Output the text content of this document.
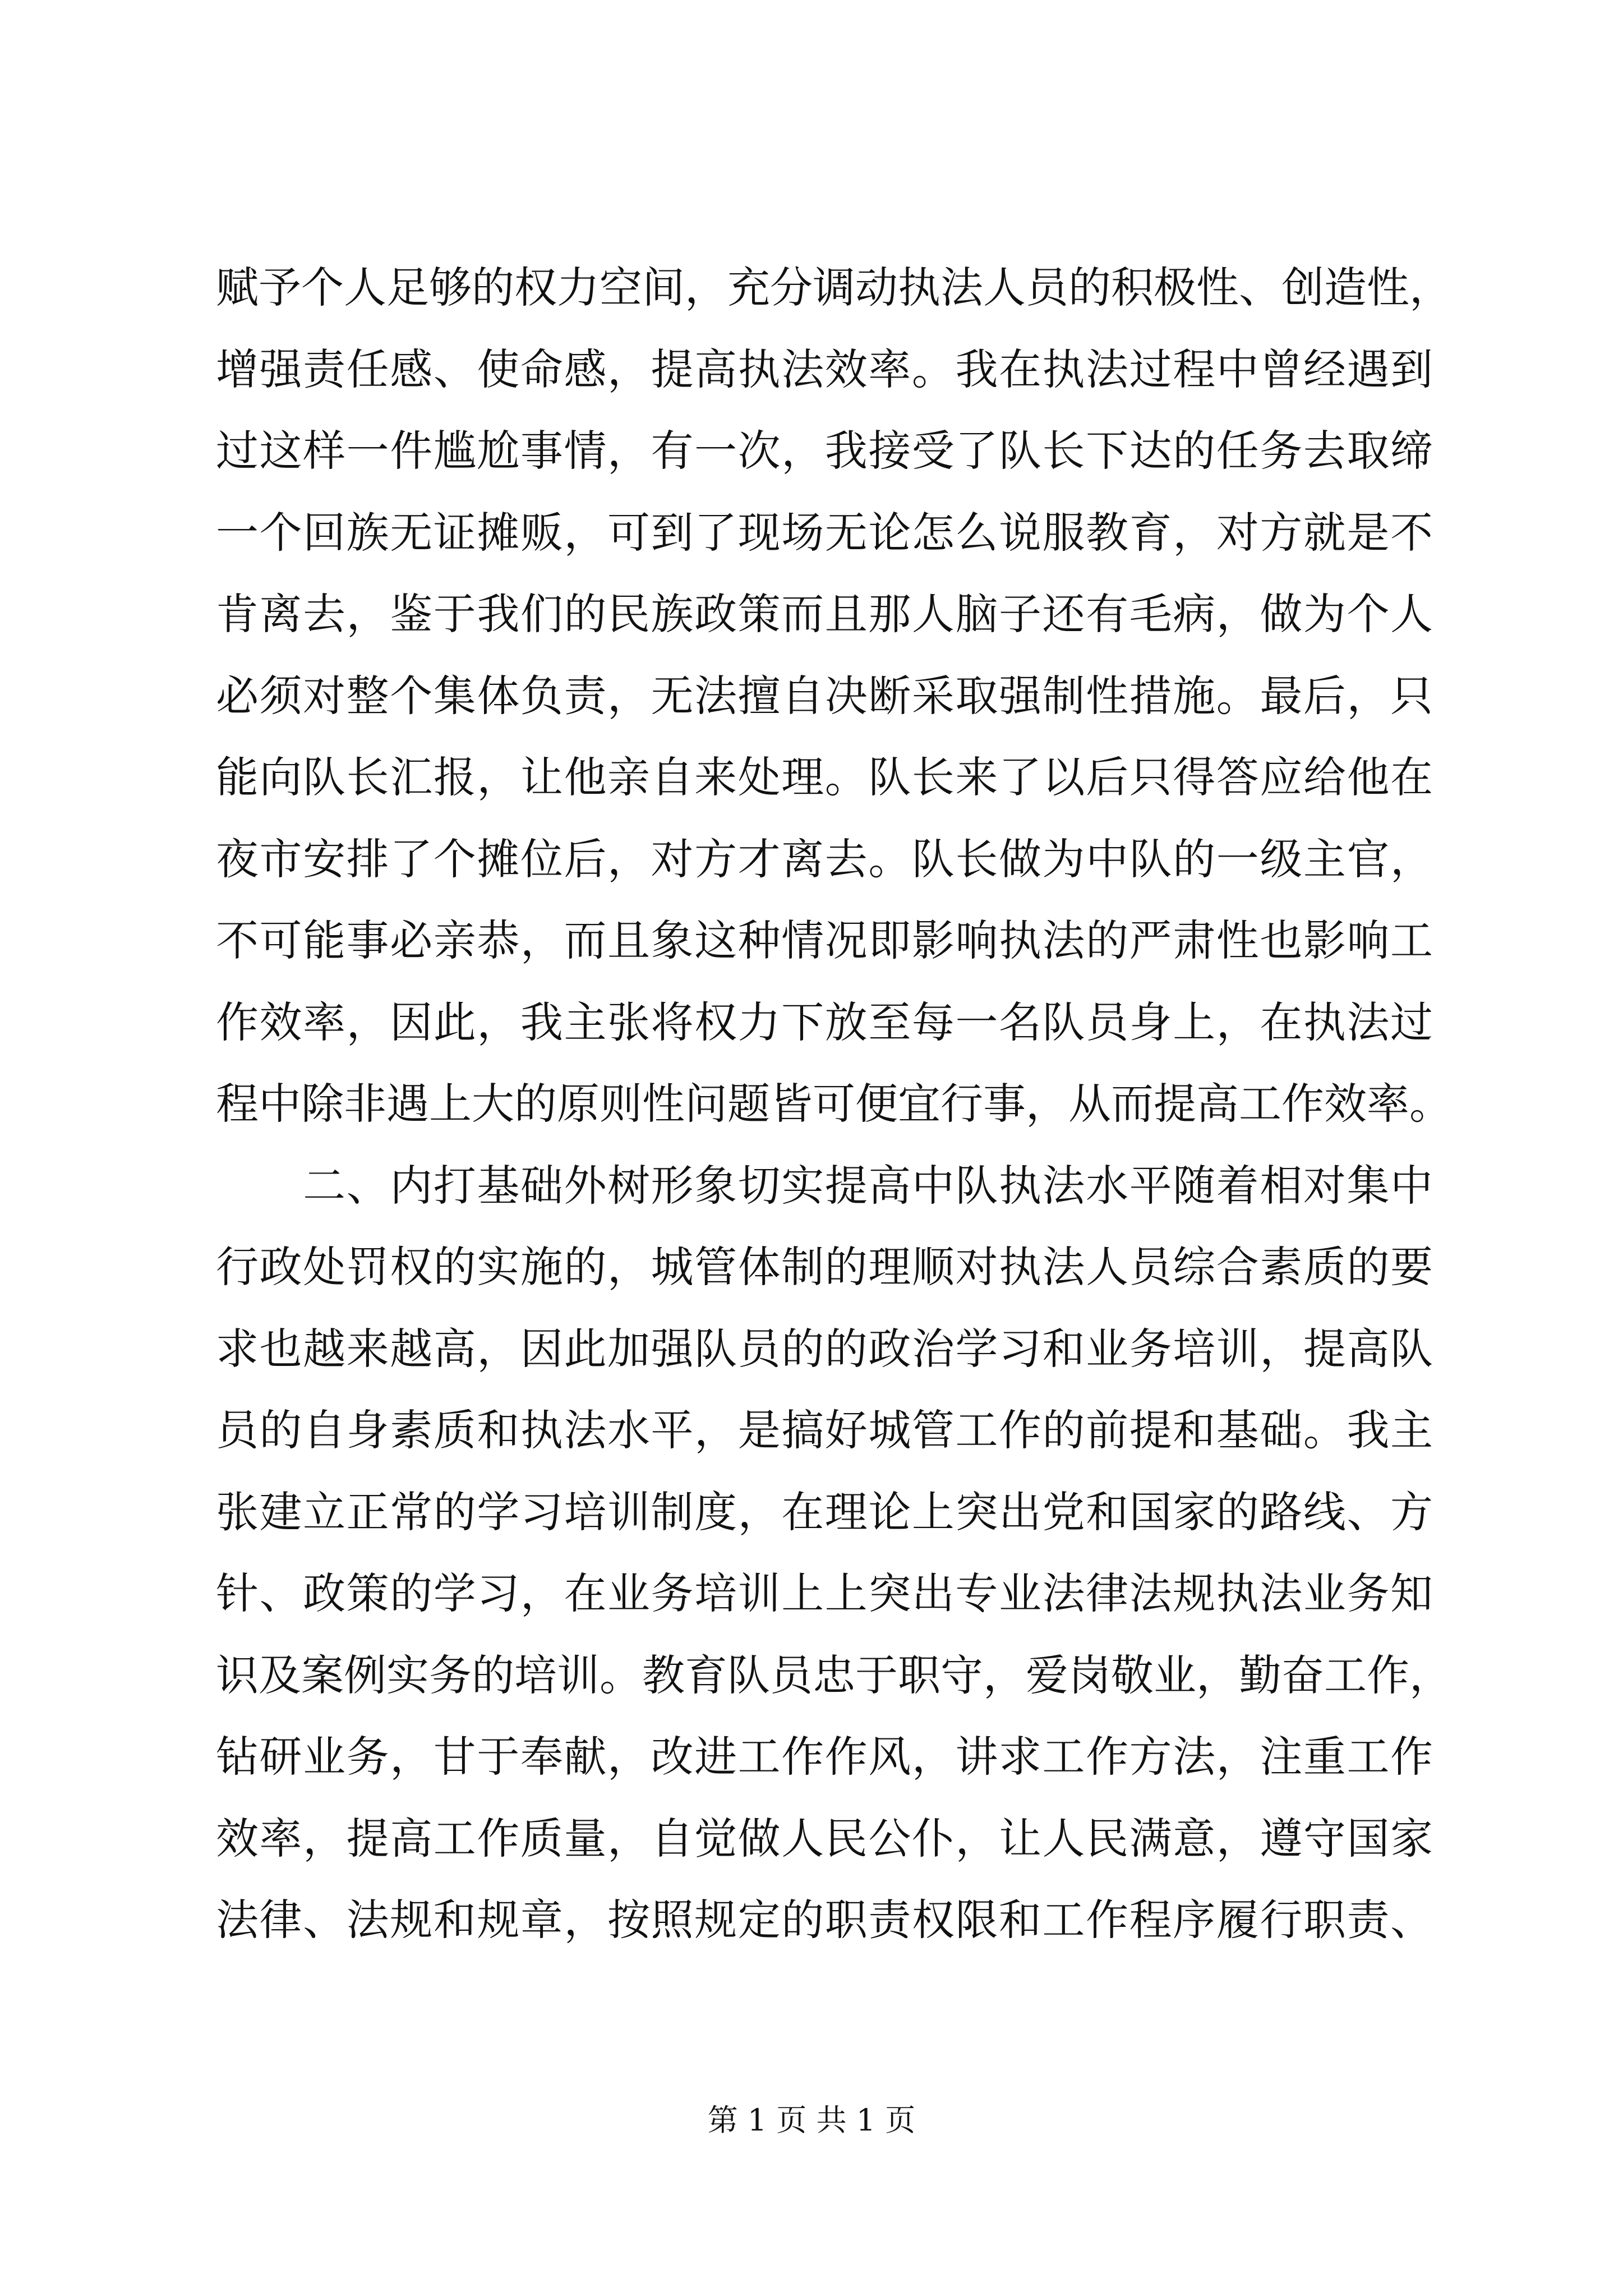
赋予个人足够的权力空间，充分调动执法人员的积极性、创造性，
增强责任感、使命感，提高执法效率。我在执法过程中曾经遇到
过这样一件尴尬事情，有一次，我接受了队长下达的任务去取缔
一个回族无证摊贩，可到了现场无论怎么说服教育，对方就是不
肯离去，鉴于我们的民族政策而且那人脑子还有毛病，做为个人
必须对整个集体负责，无法擅自决断采取强制性措施。最后，只
能向队长汇报，让他亲自来处理。队长来了以后只得答应给他在
夜市安排了个摊位后，对方才离去。队长做为中队的一级主官，
不可能事必亲恭，而且象这种情况即影响执法的严肃性也影响工
作效率，因此，我主张将权力下放至每一名队员身上，在执法过
程中除非遇上大的原则性问题皆可便宜行事，从而提高工作效率。
　　二、内打基础外树形象切实提高中队执法水平随着相对集中
行政处罚权的实施的，城管体制的理顺对执法人员综合素质的要
求也越来越高，因此加强队员的的政治学习和业务培训，提高队
员的自身素质和执法水平，是搞好城管工作的前提和基础。我主
张建立正常的学习培训制度，在理论上突出党和国家的路线、方
针、政策的学习，在业务培训上上突出专业法律法规执法业务知
识及案例实务的培训。教育队员忠于职守，爱岗敬业，勤奋工作，
钻研业务，甘于奉献，改进工作作风，讲求工作方法，注重工作
效率，提高工作质量，自觉做人民公仆，让人民满意，遵守国家
法律、法规和规章，按照规定的职责权限和工作程序履行职责、
第 1 页 共 1 页
